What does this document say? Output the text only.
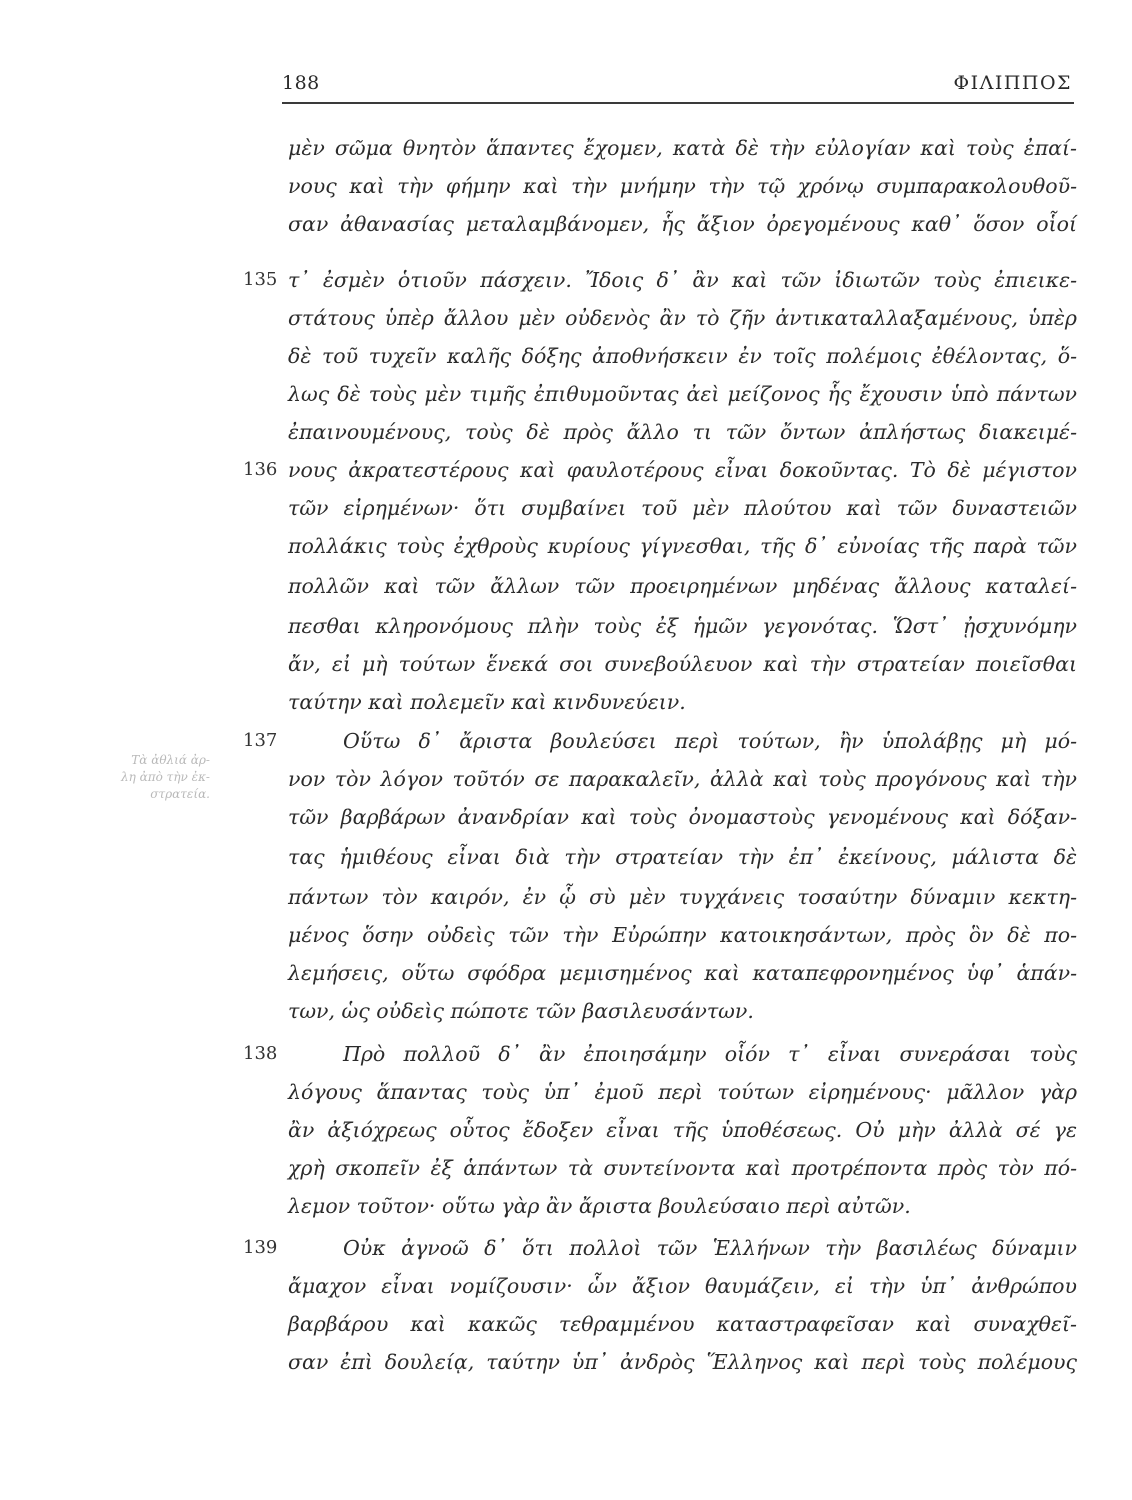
188	ΦΙΛΙΠΠΟΣ
Τὰ ἀθλιά ἀρ-
λη ἀπὸ τὴν ἐκ-
στρατεία.
135
136
137
138
139
μὲν σῶμα θνητὸν ἅπαντες ἔχομεν, κατὰ δὲ τὴν εὐλογίαν καὶ τοὺς ἐπαί-
νους καὶ τὴν φήμην καὶ τὴν μνήμην τὴν τῷ χρόνῳ συμπαρακολουθοῦ-
σαν ἀθανασίας μεταλαμβάνομεν, ἧς ἄξιον ὀρεγομένους καθ᾽ ὅσον οἷοί
τ᾽ ἐσμὲν ὁτιοῦν πάσχειν. Ἴδοις δ᾽ ἂν καὶ τῶν ἰδιωτῶν τοὺς ἐπιεικε-
στάτους ὑπὲρ ἄλλου μὲν οὐδενὸς ἂν τὸ ζῆν ἀντικαταλλαξαμένους, ὑπὲρ
δὲ τοῦ τυχεῖν καλῆς δόξης ἀποθνήσκειν ἐν τοῖς πολέμοις ἐθέλοντας, ὅ-
λως δὲ τοὺς μὲν τιμῆς ἐπιθυμοῦντας ἀεὶ μείζονος ἧς ἔχουσιν ὑπὸ πάντων
ἐπαινουμένους, τοὺς δὲ πρὸς ἄλλο τι τῶν ὄντων ἀπλήστως διακειμέ-
νους ἀκρατεστέρους καὶ φαυλοτέρους εἶναι δοκοῦντας. Τὸ δὲ μέγιστον
τῶν εἰρημένων· ὅτι συμβαίνει τοῦ μὲν πλούτου καὶ τῶν δυναστειῶν
πολλάκις τοὺς ἐχθροὺς κυρίους γίγνεσθαι, τῆς δ᾽ εὐνοίας τῆς παρὰ τῶν
πολλῶν καὶ τῶν ἄλλων τῶν προειρημένων μηδένας ἄλλους καταλεί-
πεσθαι κληρονόμους πλὴν τοὺς ἐξ ἡμῶν γεγονότας. Ὥστ᾽ ᾐσχυνόμην
ἄν, εἰ μὴ τούτων ἕνεκά σοι συνεβούλευον καὶ τὴν στρατείαν ποιεῖσθαι
ταύτην καὶ πολεμεῖν καὶ κινδυνεύειν.
Οὕτω δ᾽ ἄριστα βουλεύσει περὶ τούτων, ἢν ὑπολάβῃς μὴ μό-
νον τὸν λόγον τοῦτόν σε παρακαλεῖν, ἀλλὰ καὶ τοὺς προγόνους καὶ τὴν
τῶν βαρβάρων ἀνανδρίαν καὶ τοὺς ὀνομαστοὺς γενομένους καὶ δόξαν-
τας ἡμιθέους εἶναι διὰ τὴν στρατείαν τὴν ἐπ᾽ ἐκείνους, μάλιστα δὲ
πάντων τὸν καιρόν, ἐν ᾧ σὺ μὲν τυγχάνεις τοσαύτην δύναμιν κεκτη-
μένος ὅσην οὐδεὶς τῶν τὴν Εὐρώπην κατοικησάντων, πρὸς ὃν δὲ πο-
λεμήσεις, οὕτω σφόδρα μεμισημένος καὶ καταπεφρονημένος ὑφ᾽ ἁπάν-
των, ὡς οὐδεὶς πώποτε τῶν βασιλευσάντων.
Πρὸ πολλοῦ δ᾽ ἂν ἐποιησάμην οἷόν τ᾽ εἶναι συνεράσαι τοὺς
λόγους ἅπαντας τοὺς ὑπ᾽ ἐμοῦ περὶ τούτων εἰρημένους· μᾶλλον γὰρ
ἂν ἀξιόχρεως οὗτος ἔδοξεν εἶναι τῆς ὑποθέσεως. Οὐ μὴν ἀλλὰ σέ γε
χρὴ σκοπεῖν ἐξ ἁπάντων τὰ συντείνοντα καὶ προτρέποντα πρὸς τὸν πό-
λεμον τοῦτον· οὕτω γὰρ ἂν ἄριστα βουλεύσαιο περὶ αὐτῶν.
Οὐκ ἀγνοῶ δ᾽ ὅτι πολλοὶ τῶν Ἑλλήνων τὴν βασιλέως δύναμιν
ἄμαχον εἶναι νομίζουσιν· ὧν ἄξιον θαυμάζειν, εἰ τὴν ὑπ᾽ ἀνθρώπου
βαρβάρου καὶ κακῶς τεθραμμένου καταστραφεῖσαν καὶ συναχθεῖ-
σαν ἐπὶ δουλείᾳ, ταύτην ὑπ᾽ ἀνδρὸς Ἕλληνος καὶ περὶ τοὺς πολέμους
